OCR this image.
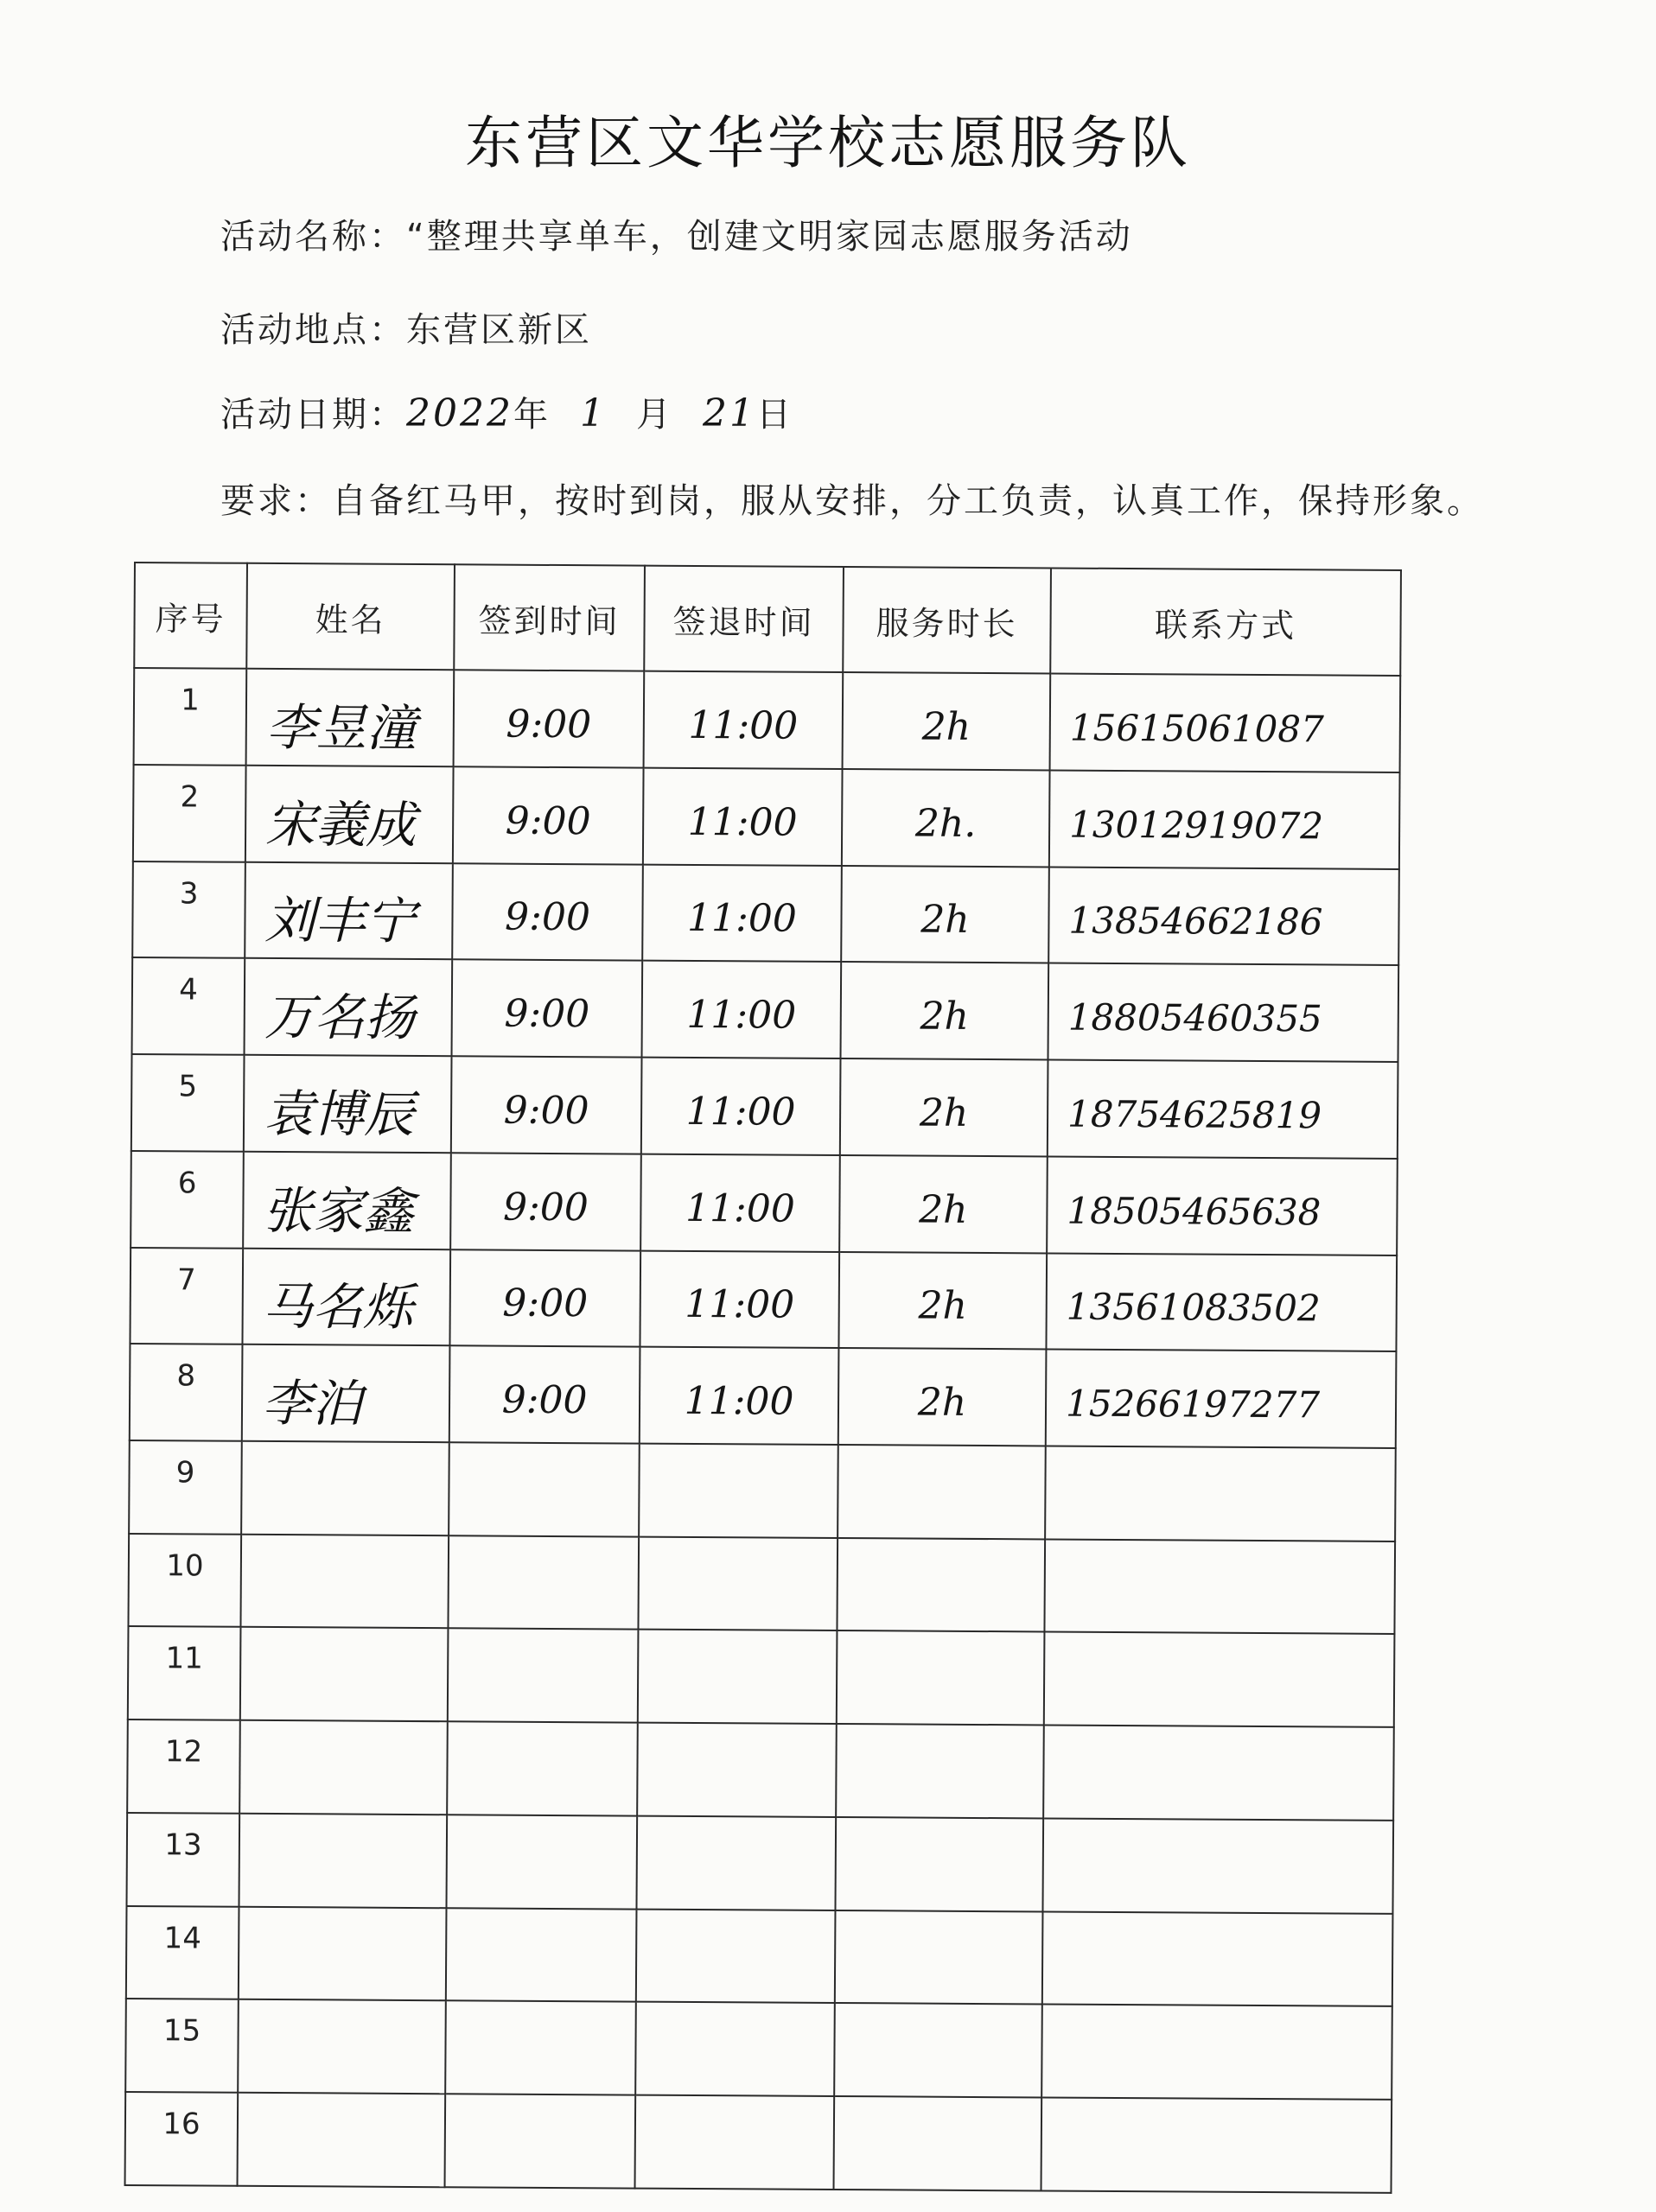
东营区文华学校志愿服务队
活动名称：“整理共享单车，创建文明家园志愿服务活动
活动地点：东营区新区
活动日期：2022年 1 月 21日
要求：自备红马甲，按时到岗，服从安排，分工负责，认真工作，保持形象。
序号	姓名	签到时间	签退时间	服务时长	联系方式
1	李昱潼	9:00	11:00	2h	15615061087
2	宋義成	9:00	11:00	2h.	13012919072
3	刘丰宁	9:00	11:00	2h	13854662186
4	万名扬	9:00	11:00	2h	18805460355
5	袁博辰	9:00	11:00	2h	18754625819
6	张家鑫	9:00	11:00	2h	18505465638
7	马名烁	9:00	11:00	2h	13561083502
8	李泊	9:00	11:00	2h	15266197277
9					
10					
11					
12					
13					
14					
15					
16					
